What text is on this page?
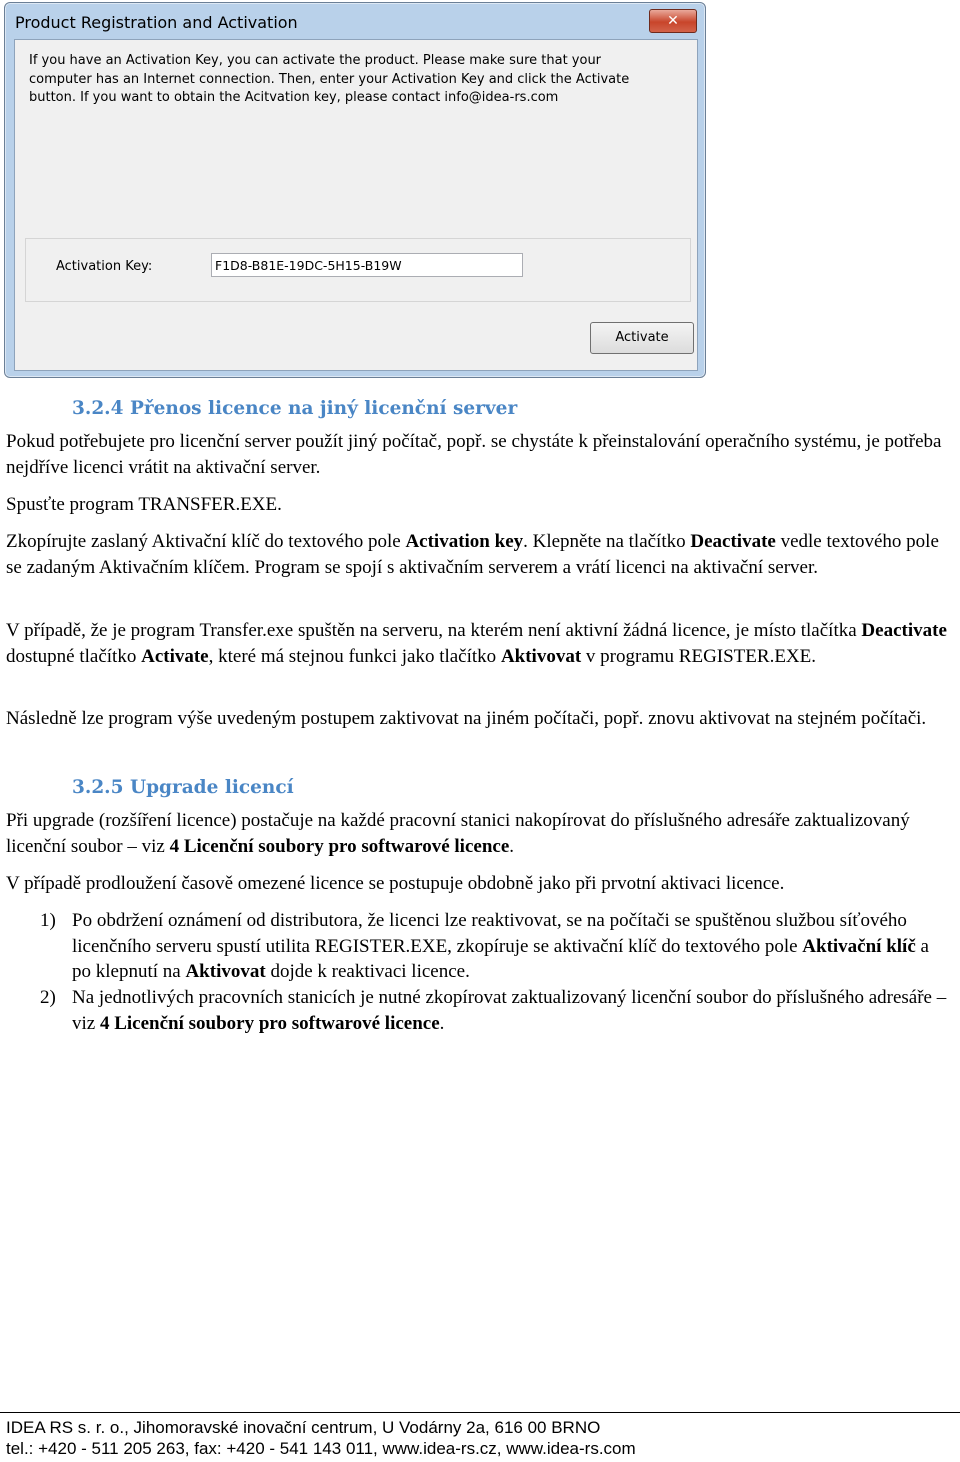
Product Registration and Activation	✕
If you have an Activation Key, you can activate the product. Please make sure that your
computer has an Internet connection. Then, enter your Activation Key and click the Activate
button. If you want to obtain the Acitvation key, please contact info@idea-rs.com
Activation Key:	F1D8-B81E-19DC-5H15-B19W
Activate
3.2.4 Přenos licence na jiný licenční server
Pokud potřebujete pro licenční server použít jiný počítač, popř. se chystáte k přeinstalování operačního systému, je potřeba nejdříve licenci vrátit na aktivační server.
Spusťte program TRANSFER.EXE.
Zkopírujte zaslaný Aktivační klíč do textového pole Activation key. Klepněte na tlačítko Deactivate vedle textového pole se zadaným Aktivačním klíčem. Program se spojí s aktivačním serverem a vrátí licenci na aktivační server.
V případě, že je program Transfer.exe spuštěn na serveru, na kterém není aktivní žádná licence, je místo tlačítka Deactivate dostupné tlačítko Activate, které má stejnou funkci jako tlačítko Aktivovat v programu REGISTER.EXE.
Následně lze program výše uvedeným postupem zaktivovat na jiném počítači, popř. znovu aktivovat na stejném počítači.
3.2.5 Upgrade licencí
Při upgrade (rozšíření licence) postačuje na každé pracovní stanici nakopírovat do příslušného adresáře zaktualizovaný licenční soubor – viz 4 Licenční soubory pro softwarové licence.
V případě prodloužení časově omezené licence se postupuje obdobně jako při prvotní aktivaci licence.
1) Po obdržení oznámení od distributora, že licenci lze reaktivovat, se na počítači se spuštěnou službou síťového licenčního serveru spustí utilita REGISTER.EXE, zkopíruje se aktivační klíč do textového pole Aktivační klíč a po klepnutí na Aktivovat dojde k reaktivaci licence.
2) Na jednotlivých pracovních stanicích je nutné zkopírovat zaktualizovaný licenční soubor do příslušného adresáře – viz 4 Licenční soubory pro softwarové licence.
IDEA RS s. r. o., Jihomoravské inovační centrum, U Vodárny 2a, 616 00 BRNO
tel.: +420 - 511 205 263, fax: +420 - 541 143 011, www.idea-rs.cz, www.idea-rs.com
